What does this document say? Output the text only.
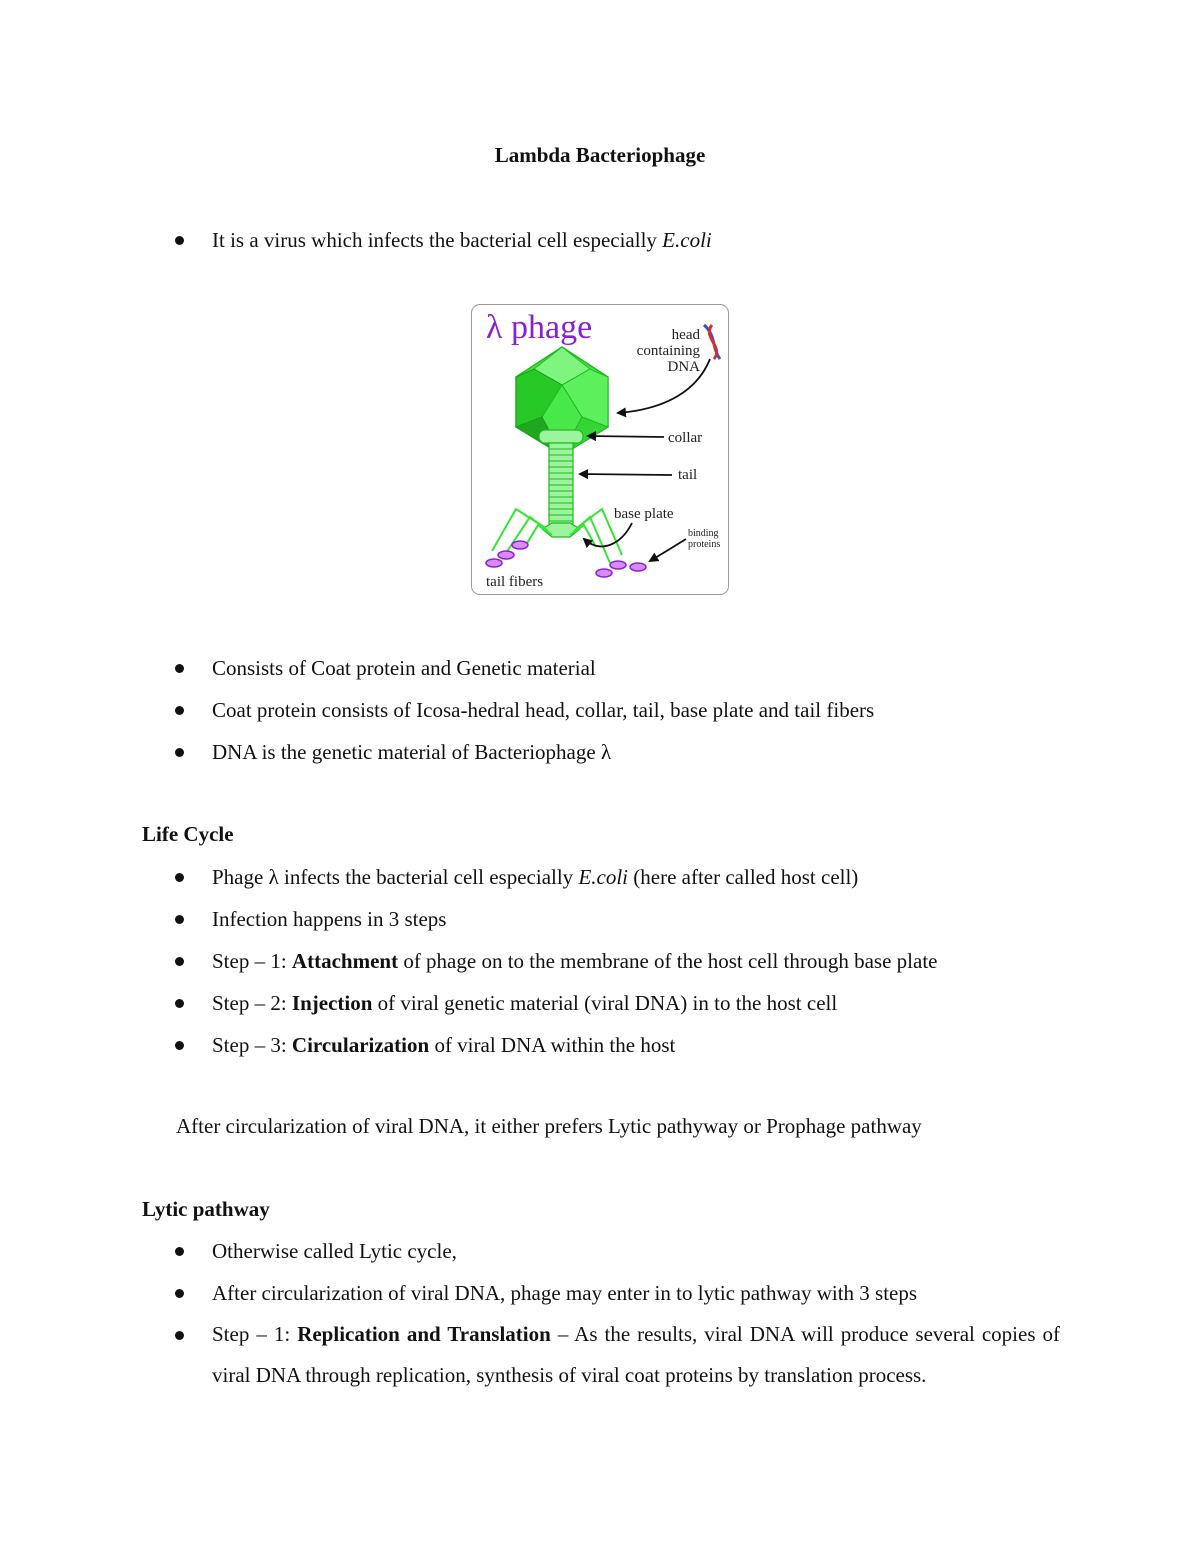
Lambda Bacteriophage
It is a virus which infects the bacterial cell especially E.coli
λ phage	head
containing
DNA
collar
tail
base plate
tail fibers
binding
proteins
Consists of Coat protein and Genetic material
Coat protein consists of Icosa-hedral head, collar, tail, base plate and tail fibers
DNA is the genetic material of Bacteriophage λ
Life Cycle
Phage λ infects the bacterial cell especially E.coli (here after called host cell)
Infection happens in 3 steps
Step – 1: Attachment of phage on to the membrane of the host cell through base plate
Step – 2: Injection of viral genetic material (viral DNA) in to the host cell
Step – 3: Circularization of viral DNA within the host
After circularization of viral DNA, it either prefers Lytic pathyway or Prophage pathway
Lytic pathway
Otherwise called Lytic cycle,
After circularization of viral DNA, phage may enter in to lytic pathway with 3 steps
Step – 1: Replication and Translation – As the results, viral DNA will produce several copies of viral DNA through replication, synthesis of viral coat proteins by translation process.
